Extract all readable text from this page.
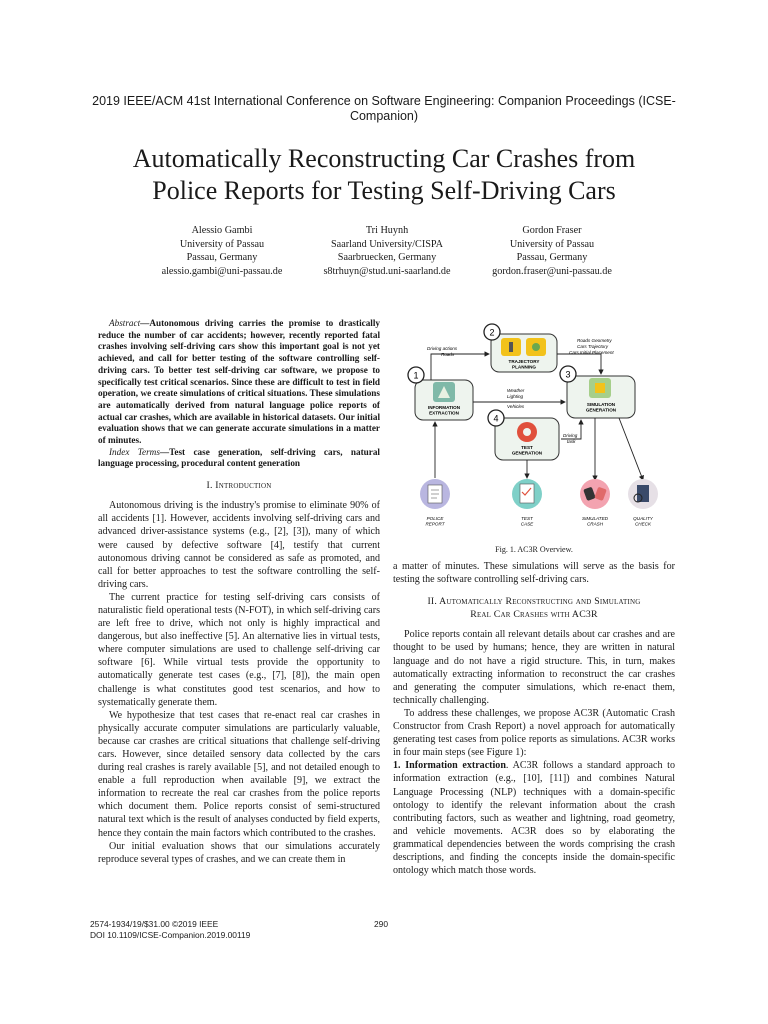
2019 IEEE/ACM 41st International Conference on Software Engineering: Companion Proceedings (ICSE-Companion)
Automatically Reconstructing Car Crashes from
Police Reports for Testing Self-Driving Cars
Alessio Gambi
University of Passau
Passau, Germany
alessio.gambi@uni-passau.de
Tri Huynh
Saarland University/CISPA
Saarbruecken, Germany
s8trhuyn@stud.uni-saarland.de
Gordon Fraser
University of Passau
Passau, Germany
gordon.fraser@uni-passau.de

Abstract—Autonomous driving carries the promise to drastically reduce the number of car accidents; however, recently reported fatal crashes involving self-driving cars show this important goal is not yet achieved, and call for better testing of the software controlling self-driving cars. To better test self-driving car software, we propose to specifically test critical scenarios. Since these are difficult to test in field operation, we create simulations of critical situations. These simulations are automatically derived from natural language police reports of actual car crashes, which are available in historical datasets. Our initial evaluation shows that we can generate accurate simulations in a matter of minutes.

Index Terms—Test case generation, self-driving cars, natural language processing, procedural content generation

I. Introduction

Autonomous driving is the industry's promise to eliminate 90% of all accidents [1]. However, accidents involving self-driving cars and advanced driver-assistance systems (e.g., [2], [3]), many of which were caused by defective software [4], testify that current autonomous driving cannot be considered as safe as promoted, and call for better approaches to test the software controlling the self-driving cars.

The current practice for testing self-driving cars consists of naturalistic field operational tests (N-FOT), in which self-driving cars are left free to drive, which not only is highly impractical and dangerous, but also ineffective [5]. An alternative lies in virtual tests, where computer simulations are used to challenge self-driving car software [6]. While virtual tests provide the opportunity to automatically generate test cases (e.g., [7], [8]), the main open challenge is what constitutes good test scenarios, and how to systematically generate them.

We hypothesize that test cases that re-enact real car crashes in physically accurate computer simulations are particularly valuable, because car crashes are critical situations that challenge self-driving cars. However, since detailed sensory data collected by the cars during real crashes is rarely available [5], and not detailed enough to enable a full reproduction when available [9], we extract the information to recreate the real car crashes from the police reports which document them. Police reports consist of semi-structured natural text which is the result of analyses conducted by field experts, hence they contain the main factors which contributed to the crashes.

Our initial evaluation shows that our simulations accurately reproduce several types of crashes, and we can create them in

TRAJECTORY
PLANNING
2
INFORMATION
EXTRACTION
1
SIMULATION
GENERATION
3
TEST
GENERATION
4
Driving actions
Roads
Roads Geometry
Cars Trajectory
Cars Initial Placement
Weather
Lighting
Vehicles
Driving
task
POLICE
REPORT
TEST
CASE
SIMULATED
CRASH
QUALITY
CHECK
Fig. 1. AC3R Overview.

a matter of minutes. These simulations will serve as the basis for testing the software controlling self-driving cars.

II. Automatically Reconstructing and Simulating
Real Car Crashes with AC3R

Police reports contain all relevant details about car crashes and are thought to be used by humans; hence, they are written in natural language and do not have a rigid structure. This, in turn, makes automatically extracting information to reconstruct the car crashes and generating the computer simulations, which re-enact them, technically challenging.

To address these challenges, we propose AC3R (Automatic Crash Constructor from Crash Report) a novel approach for automatically generating test cases from police reports as simulations. AC3R works in four main steps (see Figure 1):

1. Information extraction. AC3R follows a standard approach to information extraction (e.g., [10], [11]) and combines Natural Language Processing (NLP) techniques with a domain-specific ontology to identify the relevant information about the crash contributing factors, such as weather and lightning, road geometry, and vehicle movements. AC3R does so by elaborating the grammatical dependencies between the words comprising the crash descriptions, and finding the concepts inside the domain-specific ontology which match those words.

2574-1934/19/$31.00 ©2019 IEEE
DOI 10.1109/ICSE-Companion.2019.00119
290
